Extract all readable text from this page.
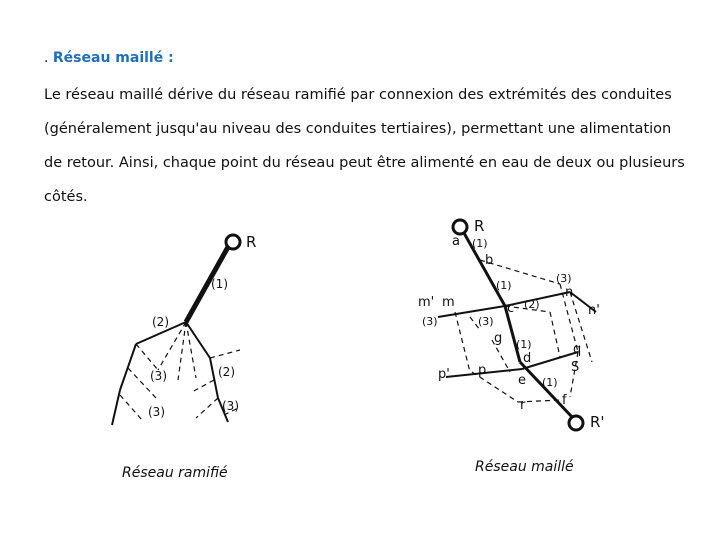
. Réseau maillé :
Le réseau maillé dérive du réseau ramifié par connexion des extrémités des conduites
(généralement jusqu'au niveau des conduites tertiaires), permettant une alimentation
de retour. Ainsi, chaque point du réseau peut être alimenté en eau de deux ou plusieurs
côtés.
R
(1)
(2)
(3)	(2)
(3)	(3)
R
a (1)
b
(1)
(3)
n
m' m	c (2)	n'
(3)	(3)
g (1)
d
q
p' p	S
e (1)
r	f
R'
Réseau ramifié	Réseau maillé
